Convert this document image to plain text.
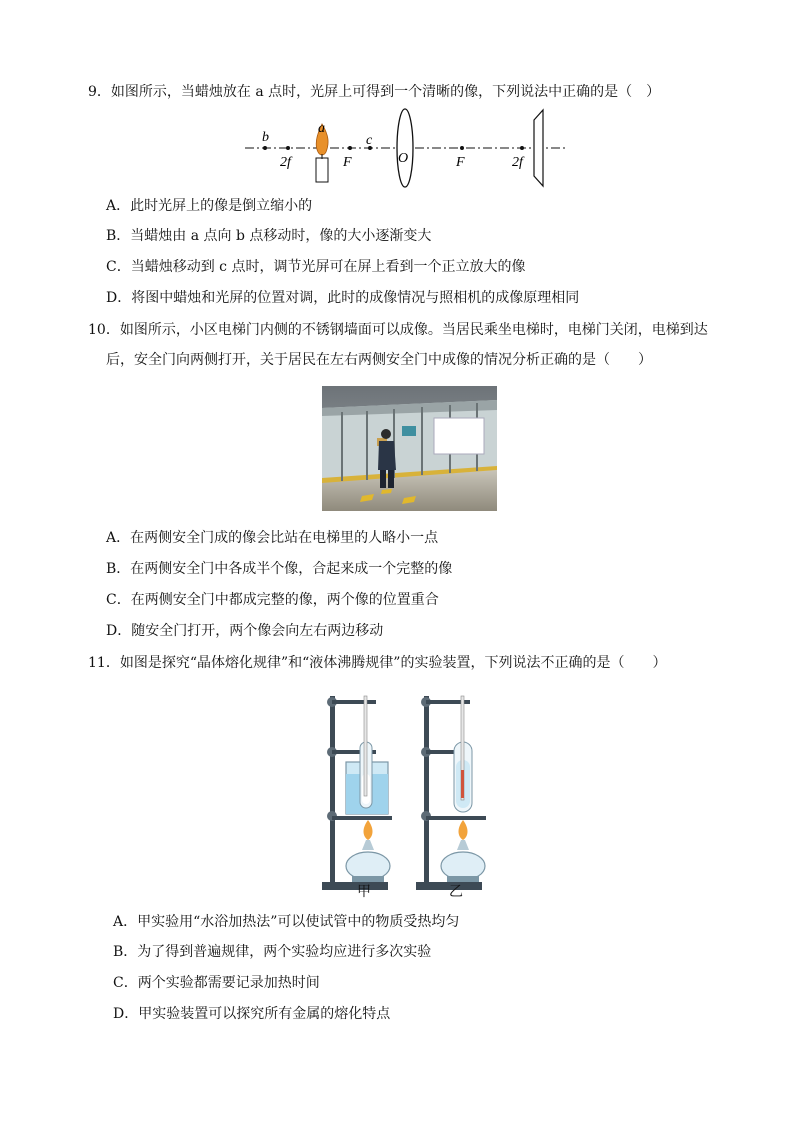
9．如图所示，当蜡烛放在 a 点时，光屏上可得到一个清晰的像，下列说法中正确的是（　）
b
a
c
2f	F	O	F	2f
A．此时光屏上的像是倒立缩小的
B．当蜡烛由 a 点向 b 点移动时，像的大小逐渐变大
C．当蜡烛移动到 c 点时，调节光屏可在屏上看到一个正立放大的像
D．将图中蜡烛和光屏的位置对调，此时的成像情况与照相机的成像原理相同
10．如图所示，小区电梯门内侧的不锈钢墙面可以成像。当居民乘坐电梯时，电梯门关闭，电梯到达
后，安全门向两侧打开，关于居民在左右两侧安全门中成像的情况分析正确的是（　　）
A．在两侧安全门成的像会比站在电梯里的人略小一点
B．在两侧安全门中各成半个像，合起来成一个完整的像
C．在两侧安全门中都成完整的像，两个像的位置重合
D．随安全门打开，两个像会向左右两边移动
11．如图是探究“晶体熔化规律”和“液体沸腾规律”的实验装置，下列说法不正确的是（　　）
甲	乙
A．甲实验用“水浴加热法”可以使试管中的物质受热均匀
B．为了得到普遍规律，两个实验均应进行多次实验
C．两个实验都需要记录加热时间
D．甲实验装置可以探究所有金属的熔化特点
